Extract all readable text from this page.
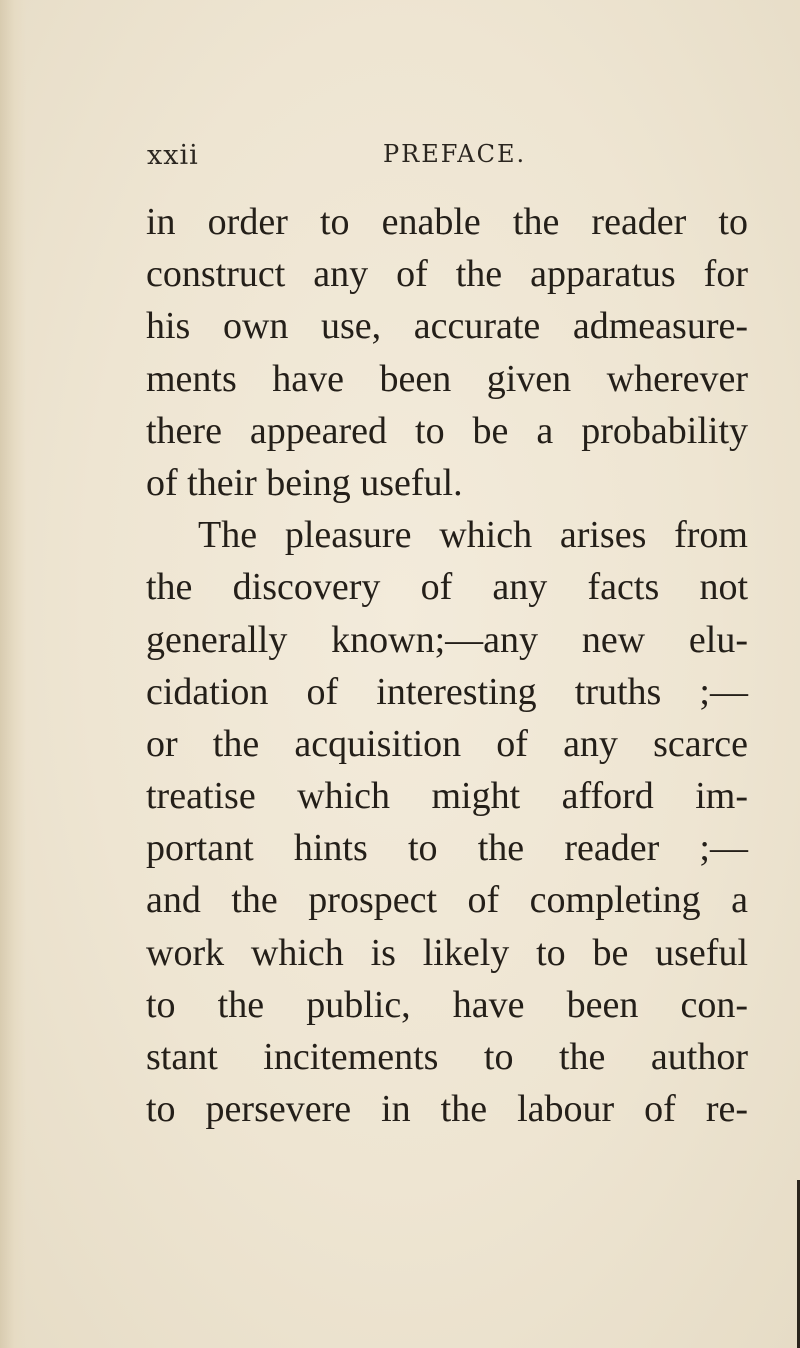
xxii	PREFACE.
in order to enable the reader to
construct any of the apparatus for
his own use, accurate admeasure-
ments have been given wherever
there appeared to be a probability
of their being useful.
The pleasure which arises from
the discovery of any facts not
generally known;—any new elu-
cidation of interesting truths ;—
or the acquisition of any scarce
treatise which might afford im-
portant hints to the reader ;—
and the prospect of completing a
work which is likely to be useful
to the public, have been con-
stant incitements to the author
to persevere in the labour of re-
